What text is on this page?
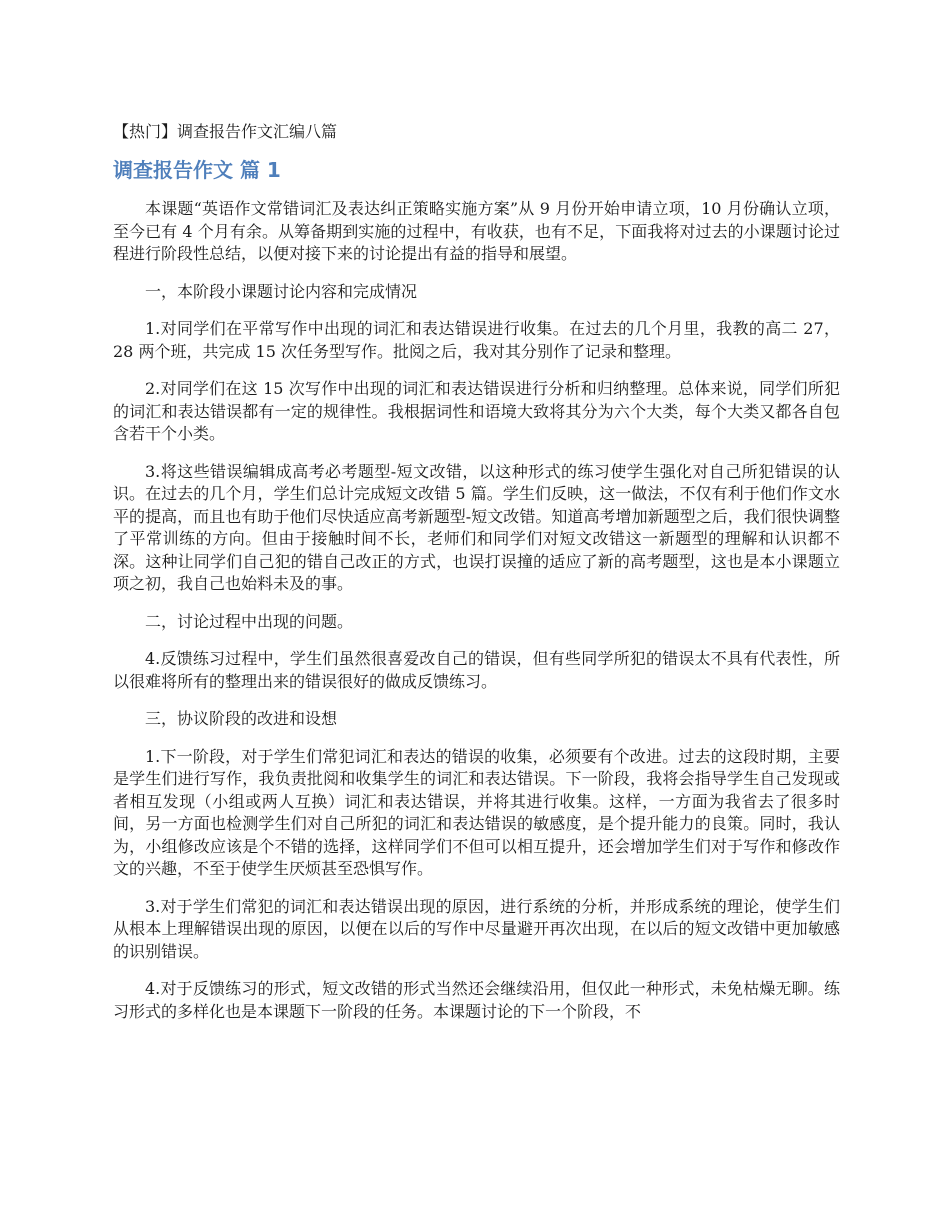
【热门】调查报告作文汇编八篇
调查报告作文 篇 1

本课题“英语作文常错词汇及表达纠正策略实施方案”从 9 月份开始申请立项，10 月份确认立项，至今已有 4 个月有余。从筹备期到实施的过程中，有收获，也有不足，下面我将对过去的小课题讨论过程进行阶段性总结，以便对接下来的讨论提出有益的指导和展望。

一，本阶段小课题讨论内容和完成情况

1.对同学们在平常写作中出现的词汇和表达错误进行收集。在过去的几个月里，我教的高二 27，28 两个班，共完成 15 次任务型写作。批阅之后，我对其分别作了记录和整理。

2.对同学们在这 15 次写作中出现的词汇和表达错误进行分析和归纳整理。总体来说，同学们所犯的词汇和表达错误都有一定的规律性。我根据词性和语境大致将其分为六个大类，每个大类又都各自包含若干个小类。

3.将这些错误编辑成高考必考题型-短文改错，以这种形式的练习使学生强化对自己所犯错误的认识。在过去的几个月，学生们总计完成短文改错 5 篇。学生们反映，这一做法，不仅有利于他们作文水平的提高，而且也有助于他们尽快适应高考新题型-短文改错。知道高考增加新题型之后，我们很快调整了平常训练的方向。但由于接触时间不长，老师们和同学们对短文改错这一新题型的理解和认识都不深。这种让同学们自己犯的错自己改正的方式，也误打误撞的适应了新的高考题型，这也是本小课题立项之初，我自己也始料未及的事。

二，讨论过程中出现的问题。

4.反馈练习过程中，学生们虽然很喜爱改自己的错误，但有些同学所犯的错误太不具有代表性，所以很难将所有的整理出来的错误很好的做成反馈练习。

三，协议阶段的改进和设想

1.下一阶段，对于学生们常犯词汇和表达的错误的收集，必须要有个改进。过去的这段时期，主要是学生们进行写作，我负责批阅和收集学生的词汇和表达错误。下一阶段，我将会指导学生自己发现或者相互发现（小组或两人互换）词汇和表达错误，并将其进行收集。这样，一方面为我省去了很多时间，另一方面也检测学生们对自己所犯的词汇和表达错误的敏感度，是个提升能力的良策。同时，我认为，小组修改应该是个不错的选择，这样同学们不但可以相互提升，还会增加学生们对于写作和修改作文的兴趣，不至于使学生厌烦甚至恐惧写作。

3.对于学生们常犯的词汇和表达错误出现的原因，进行系统的分析，并形成系统的理论，使学生们从根本上理解错误出现的原因，以便在以后的写作中尽量避开再次出现，在以后的短文改错中更加敏感的识别错误。

4.对于反馈练习的形式，短文改错的形式当然还会继续沿用，但仅此一种形式，未免枯燥无聊。练习形式的多样化也是本课题下一阶段的任务。本课题讨论的下一个阶段，不
